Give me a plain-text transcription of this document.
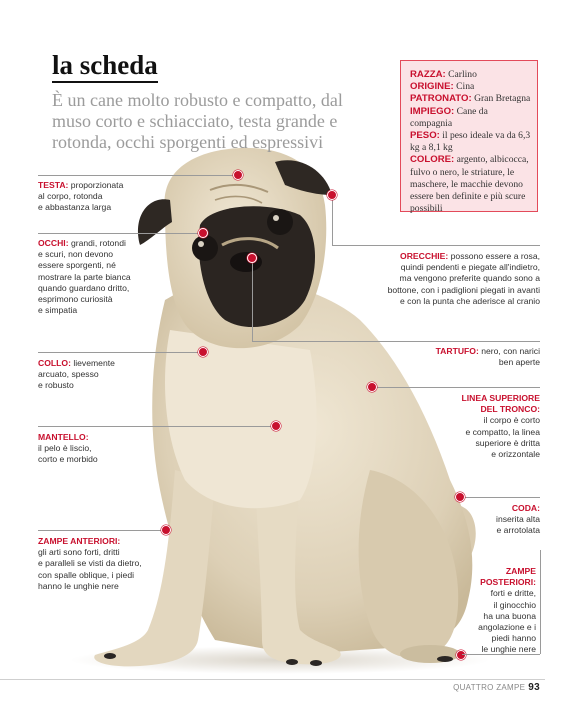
la scheda
È un cane molto robusto e compatto, dal muso corto e schiacciato, testa grande e rotonda, occhi sporgenti ed espressivi
RAZZA: Carlino
ORIGINE: Cina
PATRONATO: Gran Bretagna
IMPIEGO: Cane da compagnia
PESO: il peso ideale va da 6,3 kg a 8,1 kg
COLORE: argento, albicocca, fulvo o nero, le striature, le maschere, le macchie devono essere ben definite e più scure possibili
TESTA: proporzionata
al corpo, rotonda
e abbastanza larga
OCCHI: grandi, rotondi
e scuri, non devono
essere sporgenti, né
mostrare la parte bianca
quando guardano dritto,
esprimono curiosità
e simpatia
COLLO: lievemente
arcuato, spesso
e robusto
MANTELLO:
il pelo è liscio,
corto e morbido
ZAMPE ANTERIORI:
gli arti sono forti, dritti
e paralleli se visti da dietro,
con spalle oblique, i piedi
hanno le unghie nere
ORECCHIE: possono essere a rosa,
quindi pendenti e piegate all'indietro,
ma vengono preferite quando sono a
bottone, con i padiglioni piegati in avanti
e con la punta che aderisce al cranio
TARTUFO: nero, con narici
ben aperte
LINEA SUPERIORE
DEL TRONCO:
il corpo è corto
e compatto, la linea
superiore è dritta
e orizzontale
CODA:
inserita alta
e arrotolata
ZAMPE
POSTERIORI:
forti e dritte,
il ginocchio
ha una buona
angolazione e i
piedi hanno
le unghie nere
QUATTRO ZAMPE 93
